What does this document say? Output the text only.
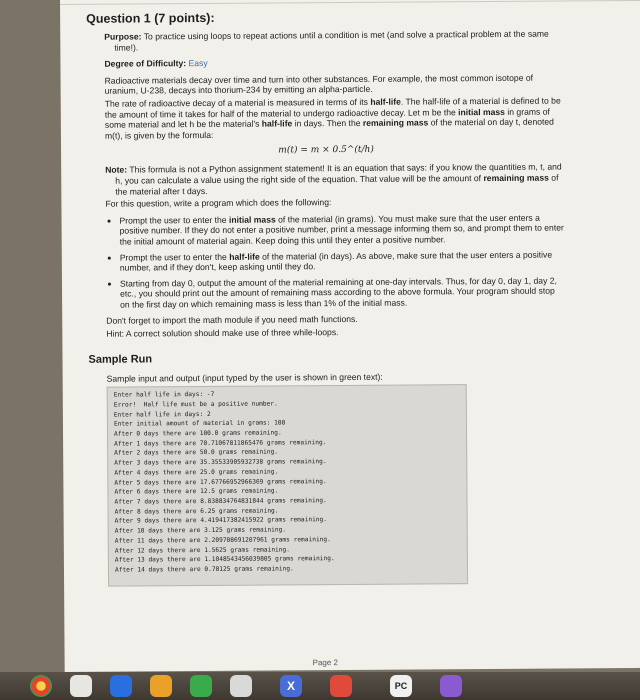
Question 1 (7 points):

Purpose: To practice using loops to repeat actions until a condition is met (and solve a practical problem at the same time!).

Degree of Difficulty: Easy

Radioactive materials decay over time and turn into other substances. For example, the most common isotope of uranium, U-238, decays into thorium-234 by emitting an alpha-particle.

The rate of radioactive decay of a material is measured in terms of its half-life. The half-life of a material is defined to be the amount of time it takes for half of the material to undergo radioactive decay. Let m be the initial mass in grams of some material and let h be the material's half-life in days. Then the remaining mass of the material on day t, denoted m(t), is given by the formula:

m(t) = m × 0.5^(t/h)

Note: This formula is not a Python assignment statement! It is an equation that says: if you know the quantities m, t, and h, you can calculate a value using the right side of the equation. That value will be the amount of remaining mass of the material after t days.

For this question, write a program which does the following:

• Prompt the user to enter the initial mass of the material (in grams). You must make sure that the user enters a positive number. If they do not enter a positive number, print a message informing them so, and prompt them to enter the initial amount of material again. Keep doing this until they enter a positive number.
• Prompt the user to enter the half-life of the material (in days). As above, make sure that the user enters a positive number, and if they don't, keep asking until they do.
• Starting from day 0, output the amount of the material remaining at one-day intervals. Thus, for day 0, day 1, day 2, etc., you should print out the amount of remaining mass according to the above formula. Your program should stop on the first day on which remaining mass is less than 1% of the initial mass.

Don't forget to import the math module if you need math functions.

Hint: A correct solution should make use of three while-loops.

Sample Run

Sample input and output (input typed by the user is shown in green text):

Enter half life in days: -7
Error!  Half life must be a positive number.
Enter half life in days: 2
Enter initial amount of material in grams: 100
After 0 days there are 100.0 grams remaining.
After 1 days there are 70.71067811865476 grams remaining.
After 2 days there are 50.0 grams remaining.
After 3 days there are 35.35533905932738 grams remaining.
After 4 days there are 25.0 grams remaining.
After 5 days there are 17.67766952966369 grams remaining.
After 6 days there are 12.5 grams remaining.
After 7 days there are 8.838834764831844 grams remaining.
After 8 days there are 6.25 grams remaining.
After 9 days there are 4.419417382415922 grams remaining.
After 10 days there are 3.125 grams remaining.
After 11 days there are 2.209708691207961 grams remaining.
After 12 days there are 1.5625 grams remaining.
After 13 days there are 1.1048543456039805 grams remaining.
After 14 days there are 0.78125 grams remaining.
Page 2
X	PC
